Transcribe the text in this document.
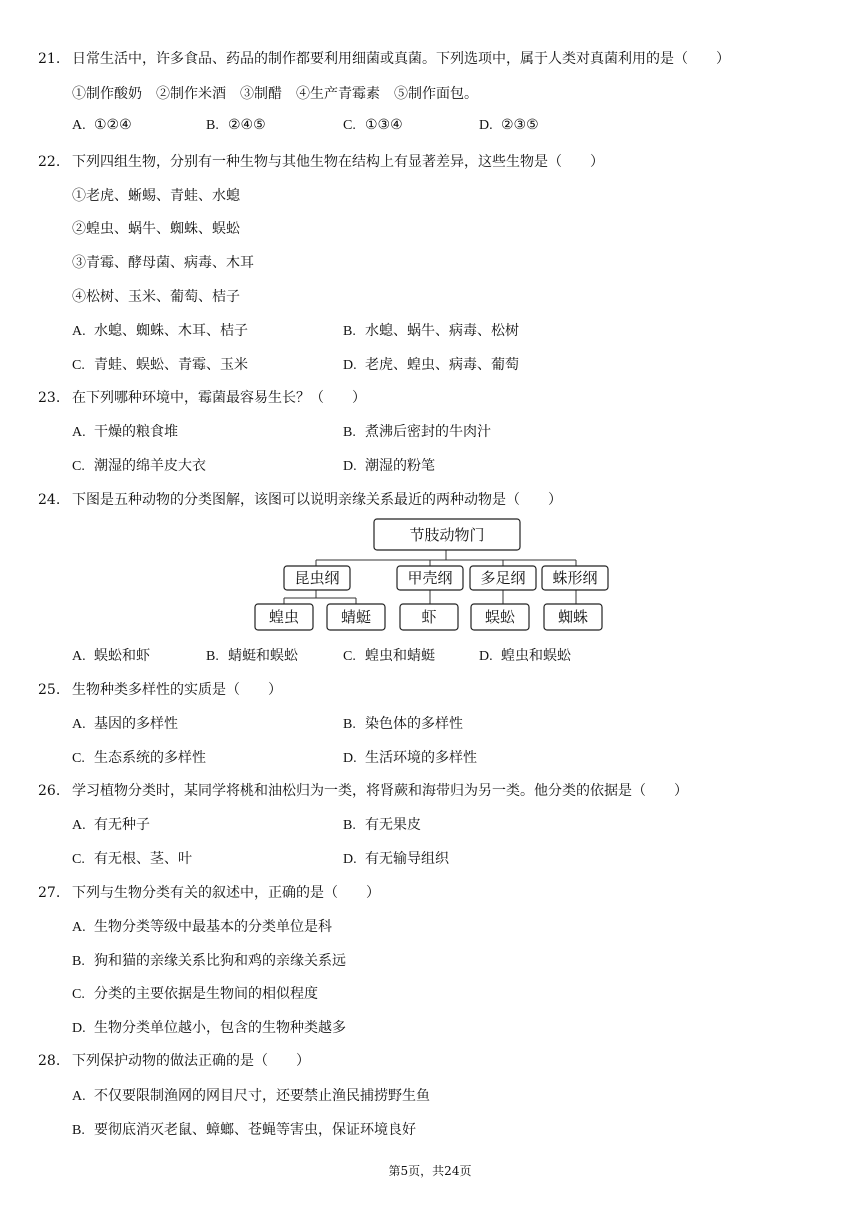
21. 日常生活中，许多食品、药品的制作都要利用细菌或真菌。下列选项中，属于人类对真菌利用的是（　　）
①制作酸奶　②制作米酒　③制醋　④生产青霉素　⑤制作面包。
A. ①②④	B. ②④⑤	C. ①③④	D. ②③⑤
22. 下列四组生物，分别有一种生物与其他生物在结构上有显著差异，这些生物是（　　）
①老虎、蜥蜴、青蛙、水螅
②蝗虫、蜗牛、蜘蛛、蜈蚣
③青霉、酵母菌、病毒、木耳
④松树、玉米、葡萄、桔子
A. 水螅、蜘蛛、木耳、桔子	B. 水螅、蜗牛、病毒、松树
C. 青蛙、蜈蚣、青霉、玉米	D. 老虎、蝗虫、病毒、葡萄
23. 在下列哪种环境中，霉菌最容易生长？（　　）
A. 干燥的粮食堆	B. 煮沸后密封的牛肉汁
C. 潮湿的绵羊皮大衣	D. 潮湿的粉笔
24. 下图是五种动物的分类图解，该图可以说明亲缘关系最近的两种动物是（　　）
节肢动物门
昆虫纲	甲壳纲 多足纲 蛛形纲
蝗虫	蜻蜓	虾	蜈蚣	蜘蛛
A. 蜈蚣和虾	B. 蜻蜓和蜈蚣	C. 蝗虫和蜻蜓	D. 蝗虫和蜈蚣
25. 生物种类多样性的实质是（　　）
A. 基因的多样性	B. 染色体的多样性
C. 生态系统的多样性	D. 生活环境的多样性
26. 学习植物分类时，某同学将桃和油松归为一类，将肾蕨和海带归为另一类。他分类的依据是（　　）
A. 有无种子	B. 有无果皮
C. 有无根、茎、叶	D. 有无输导组织
27. 下列与生物分类有关的叙述中，正确的是（　　）
A. 生物分类等级中最基本的分类单位是科
B. 狗和猫的亲缘关系比狗和鸡的亲缘关系远
C. 分类的主要依据是生物间的相似程度
D. 生物分类单位越小，包含的生物种类越多
28. 下列保护动物的做法正确的是（　　）
A. 不仅要限制渔网的网目尺寸，还要禁止渔民捕捞野生鱼
B. 要彻底消灭老鼠、蟑螂、苍蝇等害虫，保证环境良好
第5页，共24页
